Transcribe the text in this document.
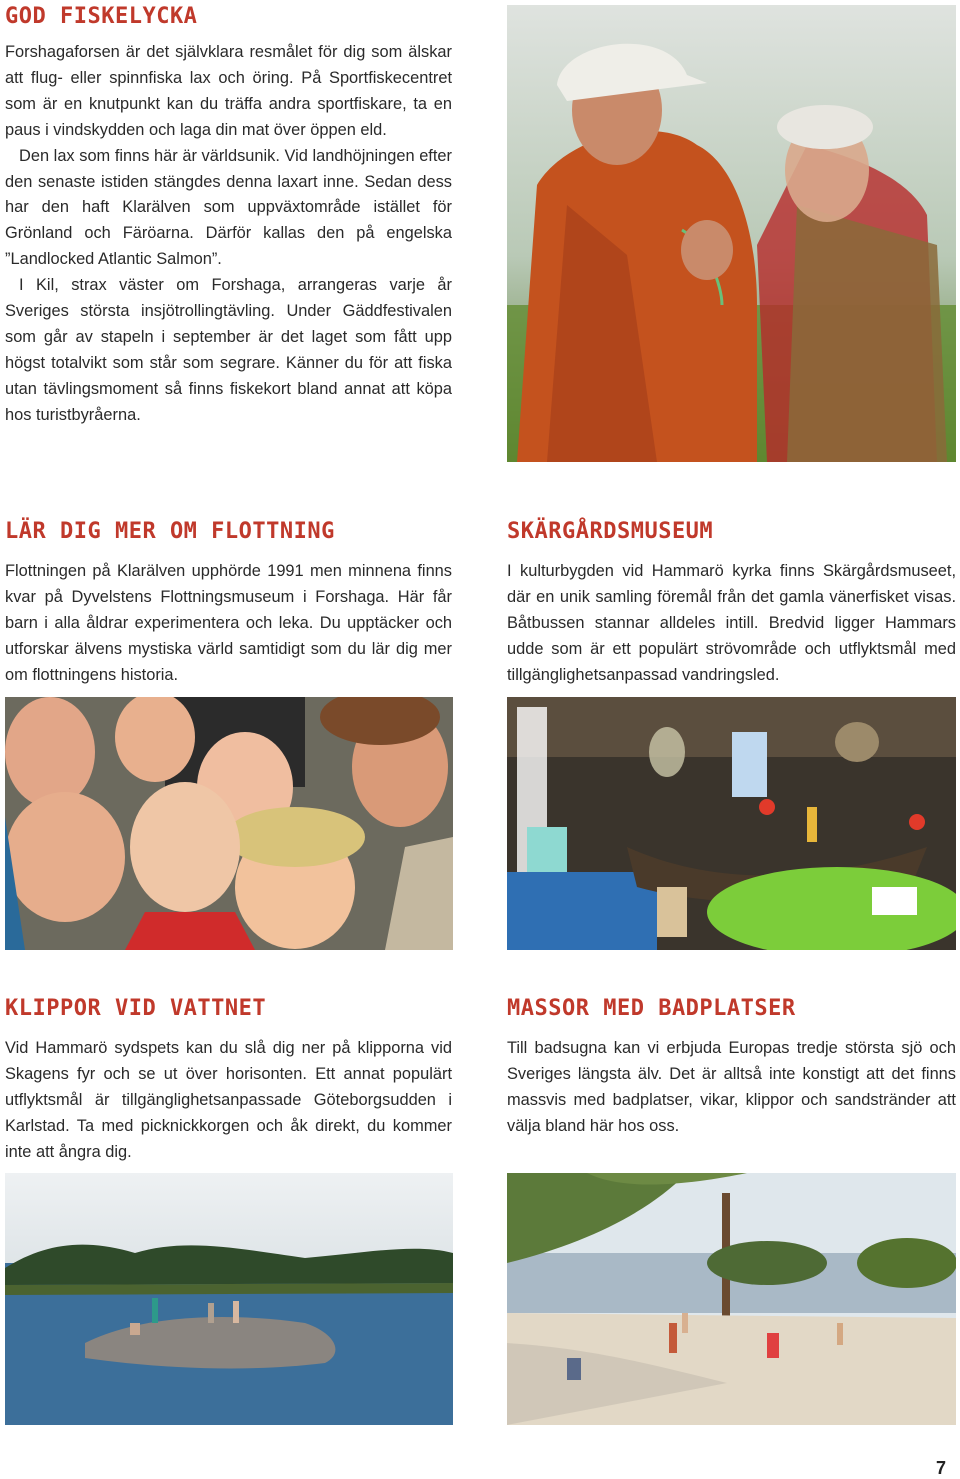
GOD FISKELYCKA

Forshagaforsen är det självklara resmålet för dig som älskar att flug- eller spinnfiska lax och öring. På Sportfiskecentret som är en knutpunkt kan du träffa andra sportfiskare, ta en paus i vindskydden och laga din mat över öppen eld.

Den lax som finns här är världsunik. Vid landhöjningen efter den senaste istiden stängdes denna laxart inne. Sedan dess har den haft Klarälven som uppväxtområde istället för Grönland och Färöarna. Därför kallas den på engelska ”Landlocked Atlantic Salmon”.

I Kil, strax väster om Forshaga, arrangeras varje år Sveriges största insjötrollingtävling. Under Gäddfestivalen som går av stapeln i september är det laget som fått upp högst totalvikt som står som segrare. Känner du för att fiska utan tävlingsmoment så finns fiskekort bland annat att köpa hos turistbyråerna.

LÄR DIG MER OM FLOTTNING
Flottningen på Klarälven upphörde 1991 men minnena finns kvar på Dyvelstens Flottningsmuseum i Forshaga. Här får barn i alla åldrar experimentera och leka. Du upptäcker och utforskar älvens mystiska värld samtidigt som du lär dig mer om flottningens historia.
SKÄRGÅRDSMUSEUM
I kulturbygden vid Hammarö kyrka finns Skärgårdsmuseet, där en unik samling föremål från det gamla vänerfisket visas. Båtbussen stannar alldeles intill. Bredvid ligger Hammars udde som är ett populärt strövområde och utflyktsmål med tillgänglighetsanpassad vandringsled.
KLIPPOR VID VATTNET
Vid Hammarö sydspets kan du slå dig ner på klipporna vid Skagens fyr och se ut över horisonten. Ett annat populärt utflyktsmål är tillgänglighetsanpassade Göteborgsudden i Karlstad. Ta med picknickkorgen och åk direkt, du kommer inte att ångra dig.
MASSOR MED BADPLATSER
Till badsugna kan vi erbjuda Europas tredje största sjö och Sveriges längsta älv. Det är alltså inte konstigt att det finns massvis med badplatser, vikar, klippor och sandstränder att välja bland här hos oss.
7
